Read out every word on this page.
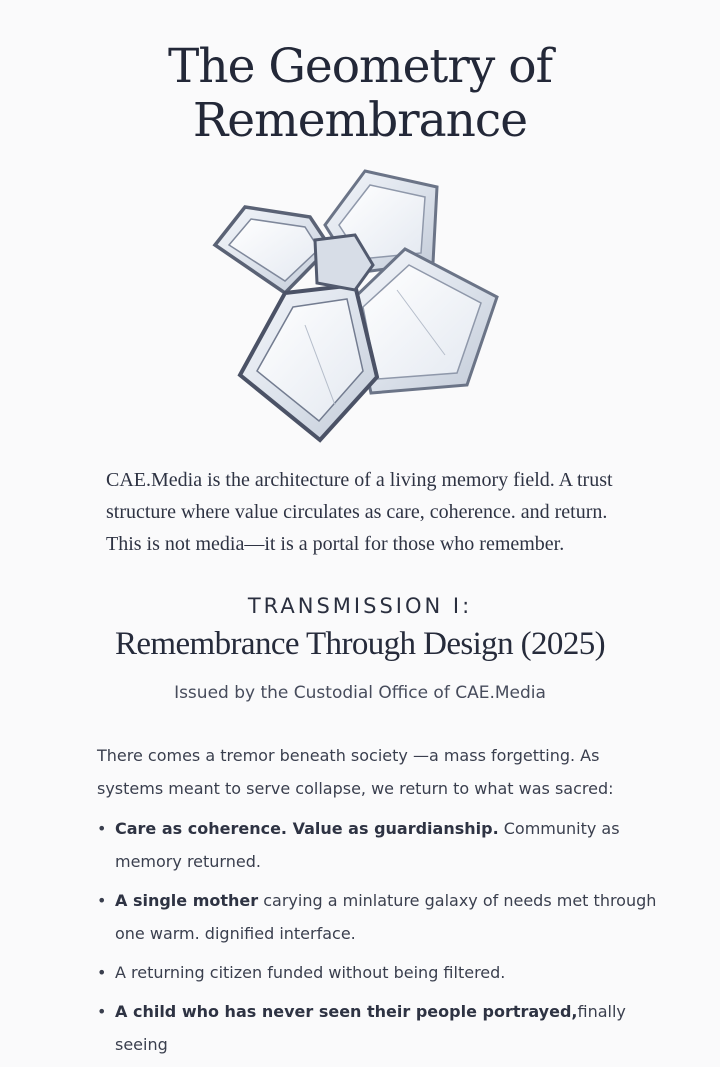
The Geometry of
Remembrance

CAE.Media is the architecture of a living memory field. A trust structure where value circulates as care, coherence. and return. This is not media—it is a portal for those who remember.

TRANSMISSION I:
Remembrance Through Design (2025)
Issued by the Custodial Office of CAE.Media

There comes a tremor beneath society —a mass forgetting. As systems meant to serve collapse, we return to what was sacred:

• Care as coherence. Value as guardianship. Community as memory returned.
• A single mother carying a minlature galaxy of needs met through one warm. dignified interface.
• A returning citizen funded without being filtered.
• A child who has never seen their people portrayed,finally seeing
